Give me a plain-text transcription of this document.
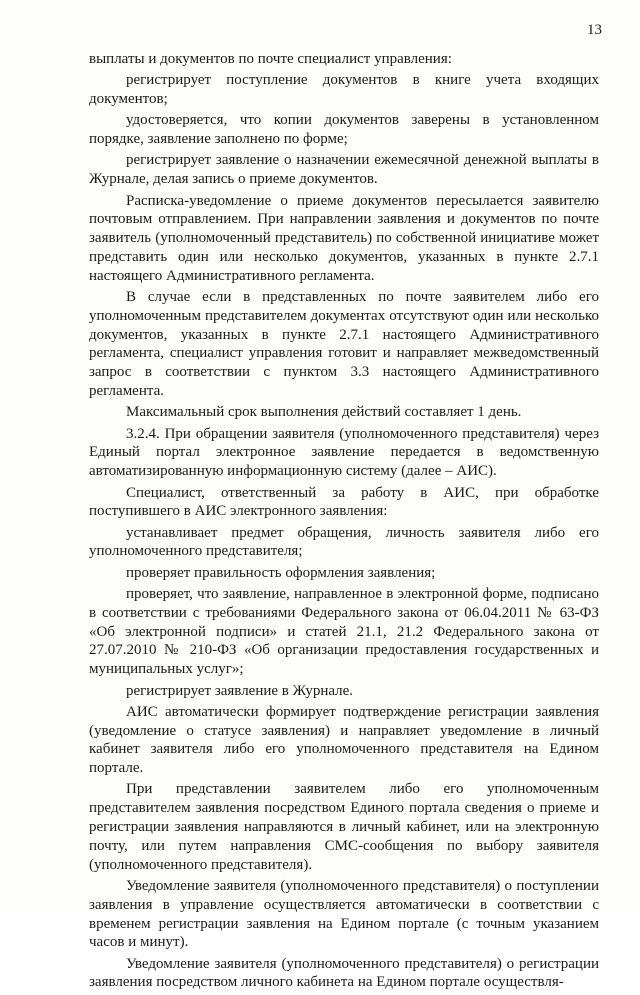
13

выплаты и документов по почте специалист управления:

регистрирует поступление документов в книге учета входящих документов;

удостоверяется, что копии документов заверены в установленном порядке, заявление заполнено по форме;

регистрирует заявление о назначении ежемесячной денежной выплаты в Журнале, делая запись о приеме документов.

Расписка-уведомление о приеме документов пересылается заявителю почтовым отправлением. При направлении заявления и документов по почте заявитель (уполномоченный представитель) по собственной инициативе может представить один или несколько документов, указанных в пункте 2.7.1 настоящего Административного регламента.

В случае если в представленных по почте заявителем либо его уполномоченным представителем документах отсутствуют один или несколько документов, указанных в пункте 2.7.1 настоящего Административного регламента, специалист управления готовит и направляет межведомственный запрос в соответствии с пунктом 3.3 настоящего Административного регламента.

Максимальный срок выполнения действий составляет 1 день.

3.2.4. При обращении заявителя (уполномоченного представителя) через Единый портал электронное заявление передается в ведомственную автоматизированную информационную систему (далее – АИС).

Специалист, ответственный за работу в АИС, при обработке поступившего в АИС электронного заявления:

устанавливает предмет обращения, личность заявителя либо его уполномоченного представителя;

проверяет правильность оформления заявления;

проверяет, что заявление, направленное в электронной форме, подписано в соответствии с требованиями Федерального закона от 06.04.2011 № 63-ФЗ «Об электронной подписи» и статей 21.1, 21.2 Федерального закона от 27.07.2010 № 210-ФЗ «Об организации предоставления государственных и муниципальных услуг»;

регистрирует заявление в Журнале.

АИС автоматически формирует подтверждение регистрации заявления (уведомление о статусе заявления) и направляет уведомление в личный кабинет заявителя либо его уполномоченного представителя на Едином портале.

При представлении заявителем либо его уполномоченным представителем заявления посредством Единого портала сведения о приеме и регистрации заявления направляются в личный кабинет, или на электронную почту, или путем направления СМС-сообщения по выбору заявителя (уполномоченного представителя).

Уведомление заявителя (уполномоченного представителя) о поступлении заявления в управление осуществляется автоматически в соответствии с временем регистрации заявления на Едином портале (с точным указанием часов и минут).

Уведомление заявителя (уполномоченного представителя) о регистрации заявления посредством личного кабинета на Едином портале осуществля-
